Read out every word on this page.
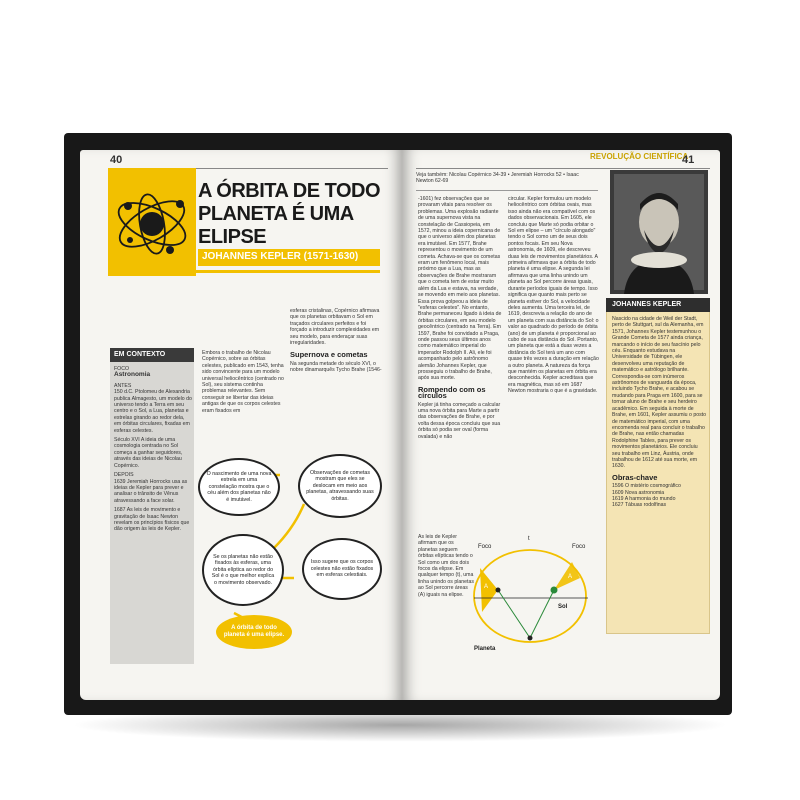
40
A ÓRBITA DE TODO PLANETA É UMA ELIPSE
JOHANNES KEPLER (1571-1630)
EM CONTEXTO
FOCO
Astronomia
ANTES
150 d.C. Ptolomeu de Alexandria publica Almagesto, um modelo do universo tendo a Terra em seu centro e o Sol, a Lua, planetas e estrelas girando ao redor dela, em órbitas circulares, fixadas em esferas celestes.
Século XVI A ideia de uma cosmologia centrada no Sol começa a ganhar seguidores, através das ideias de Nicolau Copérnico.
DEPOIS
1639 Jeremiah Horrocks usa as ideias de Kepler para prever e analisar o trânsito de Vênus atravessando a face solar.
1687 As leis de movimento e gravitação de Isaac Newton revelam os princípios físicos que dão origem às leis de Kepler.
Embora o trabalho de Nicolau Copérnico, sobre as órbitas celestes, publicado em 1543, tenha sido convincente para um modelo universal heliocêntrico (centrado no Sol), seu sistema continha problemas relevantes. Sem conseguir se libertar das ideias antigas de que os corpos celestes eram fixados em
esferas cristalinas, Copérnico afirmava que os planetas orbitavam o Sol em traçados circulares perfeitos e foi forçado a introduzir complexidades em seu modelo, para enderaçar suas irregularidades.
Supernova e cometas
Na segunda metade do século XVI, o nobre dinamarquês Tycho Brahe (1546-
O nascimento de uma nova estrela em uma constelação mostra que o céu além dos planetas não é imutável.
Observações de cometas mostram que eles se deslocam em meio aos planetas, atravessando suas órbitas.
Se os planetas não estão fixados às esferas, uma órbita elíptica ao redor do Sol é o que melhor explica o movimento observado.
Isso sugere que os corpos celestes não estão fixados em esferas celestiais.
A órbita de todo planeta é uma elipse.
REVOLUÇÃO CIENTÍFICA
41
Veja também: Nicolau Copérnico 34-39 • Jeremiah Horrocks 52 • Isaac Newton 62-69
-1601) fez observações que se provaram vitais para resolver os problemas. Uma explosão radiante de uma supernova vista na constelação de Cassiopeia, em 1572, minou a ideia copernicana de que o universo além dos planetas era imutável. Em 1577, Brahe representou o movimento de um cometa. Achava-se que os cometas eram um fenômeno local, mais próximo que a Lua, mas as observações de Brahe mostraram que o cometa tem de estar muito além da Lua e estava, na verdade, se movendo em meio aos planetas. Essa prova golpeou a ideia de "esferas celestes". No entanto, Brahe permaneceu ligado à ideia de órbitas circulares, em seu modelo geocêntrico (centrado na Terra). Em 1597, Brahe foi convidado a Praga, onde passou seus últimos anos como matemático imperial do imperador Rodolph II. Ali, ele foi acompanhado pelo astrônomo alemão Johannes Kepler, que prosseguiu o trabalho de Brahe, após sua morte.
Rompendo com os círculos
Kepler já tinha começado a calcular uma nova órbita para Marte a partir das observações de Brahe, e por volta dessa época concluiu que sua órbita só podia ser oval (forma ovalada) e não
circular. Kepler formulou um modelo heliocêntrico com órbitas ovais, mas isso ainda não era compatível com os dados observacionais. Em 1605, ele concluiu que Marte só podia orbitar o Sol em elipse – um "círculo alongado" tendo o Sol como um de seus dois pontos focais. Em seu Nova astronomia, de 1609, ele descreveu duas leis de movimentos planetários. A primeira afirmava que a órbita de todo planeta é uma elipse. A segunda lei afirmava que uma linha unindo um planeta ao Sol percorre áreas iguais, durante períodos iguais de tempo. Isso significa que quanto mais perto se planeta estiver do Sol, a velocidade deles aumenta. Uma terceira lei, de 1619, descrevia a relação do ano de um planeta com sua distância do Sol: o valor ao quadrado do período de órbita (ano) de um planeta é proporcional ao cubo de sua distância do Sol. Portanto, um planeta que está a duas vezes a distância do Sol terá um ano com quase três vezes a duração em relação a outro planeta. A natureza da força que mantém os planetas em órbita era desconhecida. Kepler acreditava que era magnética, mas só em 1687 Newton mostraria o que é a gravidade.
As leis de Kepler afirmam que os planetas seguem órbitas elípticas tendo o Sol como um dos dois focos da elipse. Em qualquer tempo (t), uma linha unindo os planetas ao Sol percorre áreas (A) iguais na elipse.
Foco	Foco
Sol
Planeta
A
A
t
JOHANNES KEPLER
Nascido na cidade de Weil der Stadt, perto de Stuttgart, sul da Alemanha, em 1571, Johannes Kepler testemunhou o Grande Cometa de 1577 ainda criança, marcando o início de seu fascínio pelo céu. Enquanto estudava na Universidade de Tübingen, ele desenvolveu uma reputação de matemático e astrólogo brilhante. Correspondia-se com inúmeros astrônomos de vanguarda da época, incluindo Tycho Brahe, e acabou se mudando para Praga em 1600, para se tornar aluno de Brahe e seu herdeiro acadêmico. Em seguida à morte de Brahe, em 1601, Kepler assumiu o posto de matemático imperial, com uma encomenda real para concluir o trabalho de Brahe, nas então chamadas Rodolphine Tables, para prever os movimentos planetários. Ele concluiu seu trabalho em Linz, Áustria, onde trabalhou de 1612 até sua morte, em 1630.
Obras-chave
1596 O mistério cosmográfico
1609 Nova astronomia
1619 A harmonia do mundo
1627 Tábuas rodolfinas
